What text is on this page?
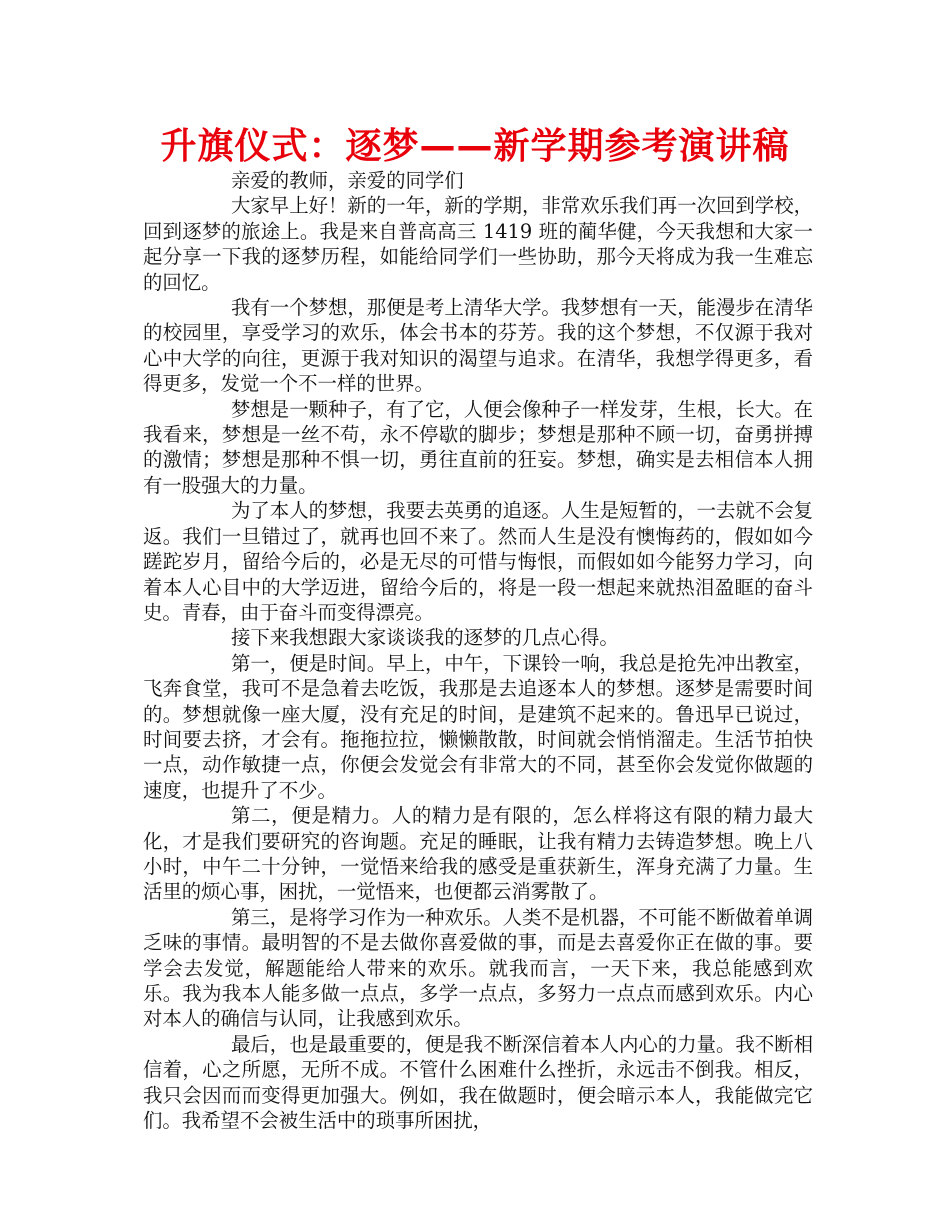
升旗仪式：逐梦——新学期参考演讲稿

亲爱的教师，亲爱的同学们

大家早上好！新的一年，新的学期，非常欢乐我们再一次回到学校，回到逐梦的旅途上。我是来自普高高三 1419 班的蔺华健，今天我想和大家一起分享一下我的逐梦历程，如能给同学们一些协助，那今天将成为我一生难忘的回忆。

我有一个梦想，那便是考上清华大学。我梦想有一天，能漫步在清华的校园里，享受学习的欢乐，体会书本的芬芳。我的这个梦想，不仅源于我对心中大学的向往，更源于我对知识的渴望与追求。在清华，我想学得更多，看得更多，发觉一个不一样的世界。

梦想是一颗种子，有了它，人便会像种子一样发芽，生根，长大。在我看来，梦想是一丝不苟，永不停歇的脚步；梦想是那种不顾一切，奋勇拼搏的激情；梦想是那种不惧一切，勇往直前的狂妄。梦想，确实是去相信本人拥有一股强大的力量。

为了本人的梦想，我要去英勇的追逐。人生是短暂的，一去就不会复返。我们一旦错过了，就再也回不来了。然而人生是没有懊悔药的，假如如今蹉跎岁月，留给今后的，必是无尽的可惜与悔恨，而假如如今能努力学习，向着本人心目中的大学迈进，留给今后的，将是一段一想起来就热泪盈眶的奋斗史。青春，由于奋斗而变得漂亮。

接下来我想跟大家谈谈我的逐梦的几点心得。

第一，便是时间。早上，中午，下课铃一响，我总是抢先冲出教室，飞奔食堂，我可不是急着去吃饭，我那是去追逐本人的梦想。逐梦是需要时间的。梦想就像一座大厦，没有充足的时间，是建筑不起来的。鲁迅早已说过，时间要去挤，才会有。拖拖拉拉，懒懒散散，时间就会悄悄溜走。生活节拍快一点，动作敏捷一点，你便会发觉会有非常大的不同，甚至你会发觉你做题的速度，也提升了不少。

第二，便是精力。人的精力是有限的，怎么样将这有限的精力最大化，才是我们要研究的咨询题。充足的睡眠，让我有精力去铸造梦想。晚上八小时，中午二十分钟，一觉悟来给我的感受是重获新生，浑身充满了力量。生活里的烦心事，困扰，一觉悟来，也便都云消雾散了。

第三，是将学习作为一种欢乐。人类不是机器，不可能不断做着单调乏味的事情。最明智的不是去做你喜爱做的事，而是去喜爱你正在做的事。要学会去发觉，解题能给人带来的欢乐。就我而言，一天下来，我总能感到欢乐。我为我本人能多做一点点，多学一点点，多努力一点点而感到欢乐。内心对本人的确信与认同，让我感到欢乐。

最后，也是最重要的，便是我不断深信着本人内心的力量。我不断相信着，心之所愿，无所不成。不管什么困难什么挫折，永远击不倒我。相反，我只会因而而变得更加强大。例如，我在做题时，便会暗示本人，我能做完它们。我希望不会被生活中的琐事所困扰，
